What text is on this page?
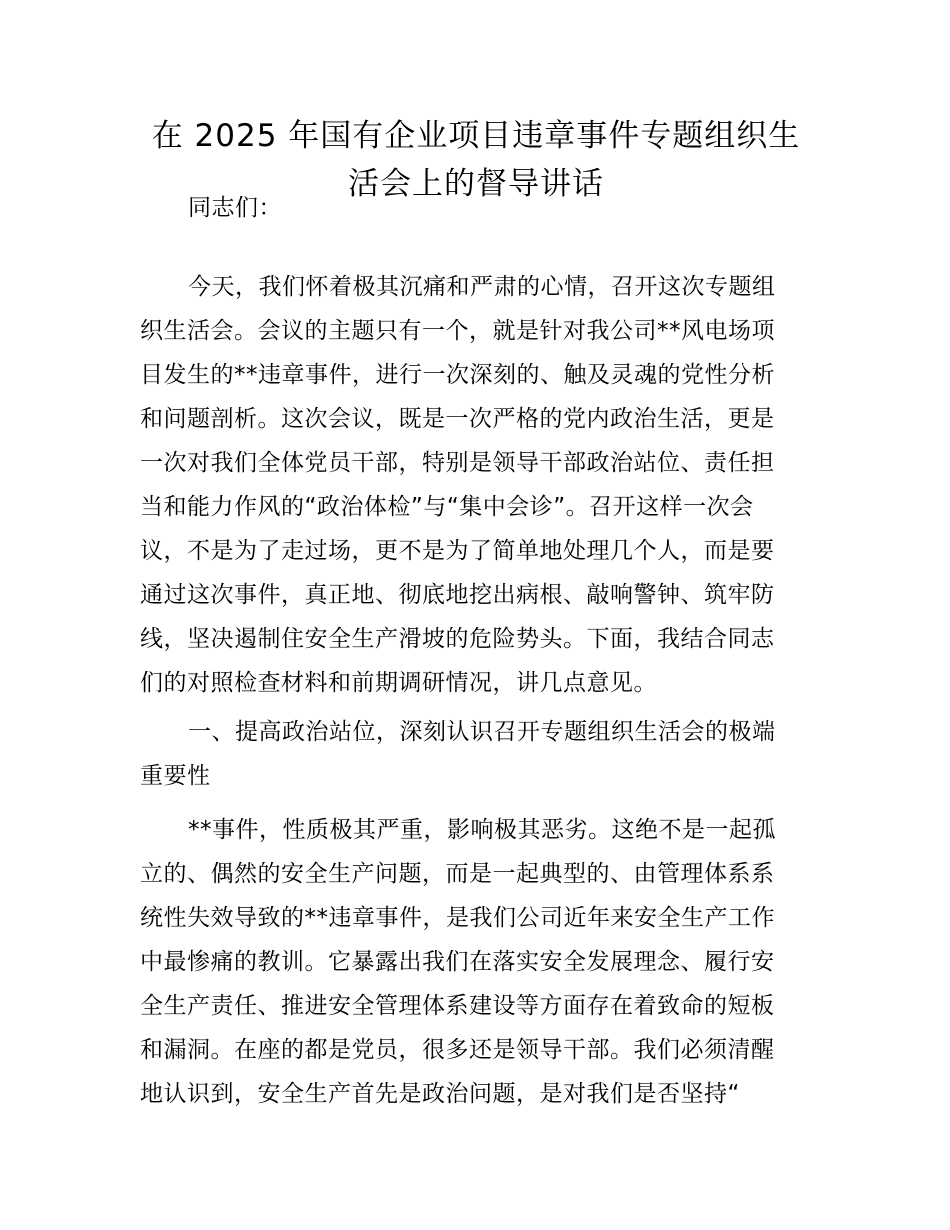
在 2025 年国有企业项目违章事件专题组织生
活会上的督导讲话
同志们：
今天，我们怀着极其沉痛和严肃的心情，召开这次专题组
织生活会。会议的主题只有一个，就是针对我公司**风电场项
目发生的**违章事件，进行一次深刻的、触及灵魂的党性分析
和问题剖析。这次会议，既是一次严格的党内政治生活，更是
一次对我们全体党员干部，特别是领导干部政治站位、责任担
当和能力作风的“政治体检”与“集中会诊”。召开这样一次会
议，不是为了走过场，更不是为了简单地处理几个人，而是要
通过这次事件，真正地、彻底地挖出病根、敲响警钟、筑牢防
线，坚决遏制住安全生产滑坡的危险势头。下面，我结合同志
们的对照检查材料和前期调研情况，讲几点意见。
一、提高政治站位，深刻认识召开专题组织生活会的极端
重要性
**事件，性质极其严重，影响极其恶劣。这绝不是一起孤
立的、偶然的安全生产问题，而是一起典型的、由管理体系系
统性失效导致的**违章事件，是我们公司近年来安全生产工作
中最惨痛的教训。它暴露出我们在落实安全发展理念、履行安
全生产责任、推进安全管理体系建设等方面存在着致命的短板
和漏洞。在座的都是党员，很多还是领导干部。我们必须清醒
地认识到，安全生产首先是政治问题，是对我们是否坚持“
